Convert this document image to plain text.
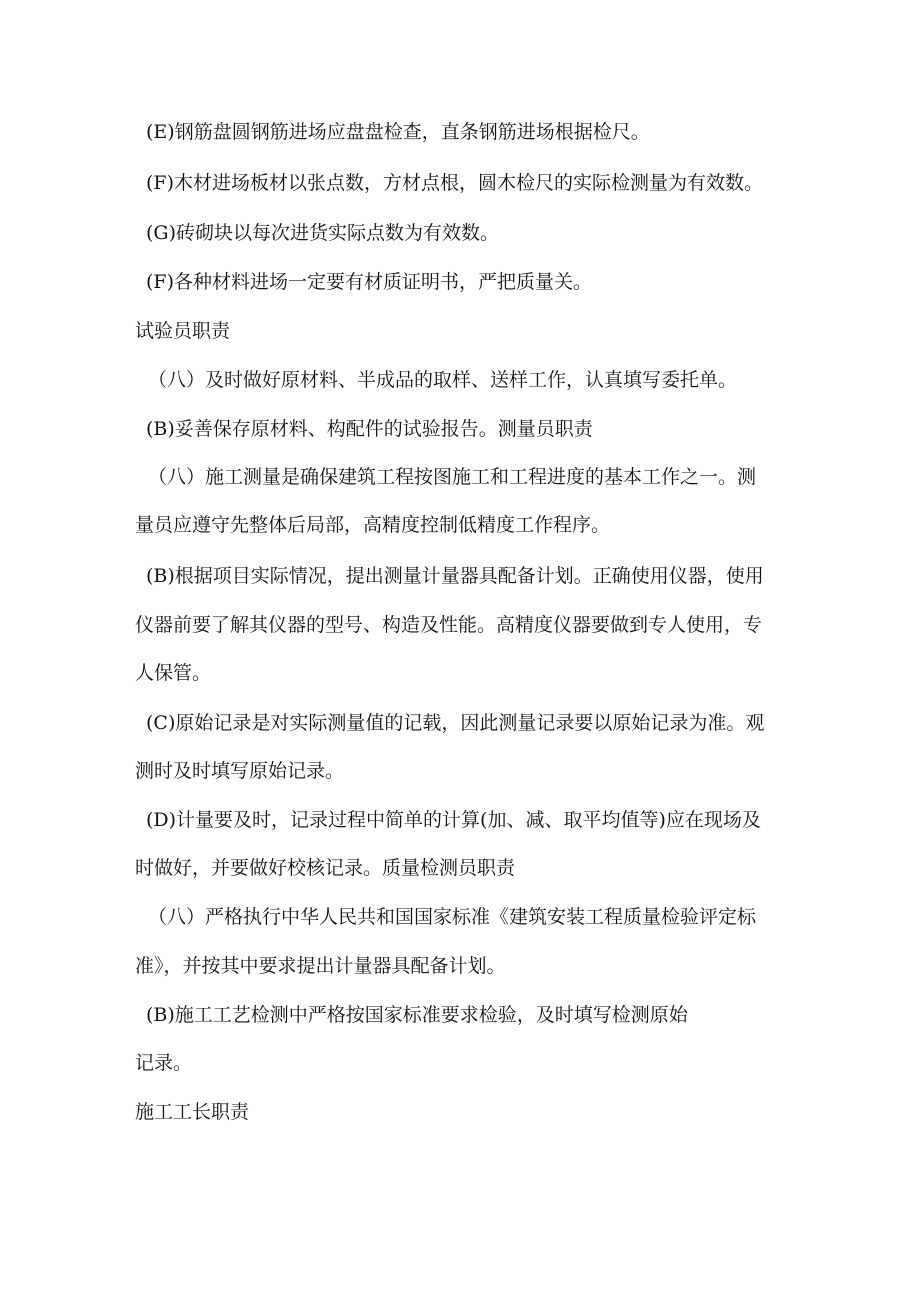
(E)钢筋盘圆钢筋进场应盘盘检查，直条钢筋进场根据检尺。
(F)木材进场板材以张点数，方材点根，圆木检尺的实际检测量为有效数。
(G)砖砌块以每次进货实际点数为有效数。
(F)各种材料进场一定要有材质证明书，严把质量关。
试验员职责
（八）及时做好原材料、半成品的取样、送样工作，认真填写委托单。
(B)妥善保存原材料、构配件的试验报告。测量员职责
（八）施工测量是确保建筑工程按图施工和工程进度的基本工作之一。测
量员应遵守先整体后局部，高精度控制低精度工作程序。
(B)根据项目实际情况，提出测量计量器具配备计划。正确使用仪器，使用
仪器前要了解其仪器的型号、构造及性能。高精度仪器要做到专人使用，专
人保管。
(C)原始记录是对实际测量值的记载，因此测量记录要以原始记录为准。观
测时及时填写原始记录。
(D)计量要及时，记录过程中简单的计算(加、减、取平均值等)应在现场及
时做好，并要做好校核记录。质量检测员职责
（八）严格执行中华人民共和国国家标准《建筑安装工程质量检验评定标
准》，并按其中要求提出计量器具配备计划。
(B)施工工艺检测中严格按国家标准要求检验，及时填写检测原始
记录。
施工工长职责
